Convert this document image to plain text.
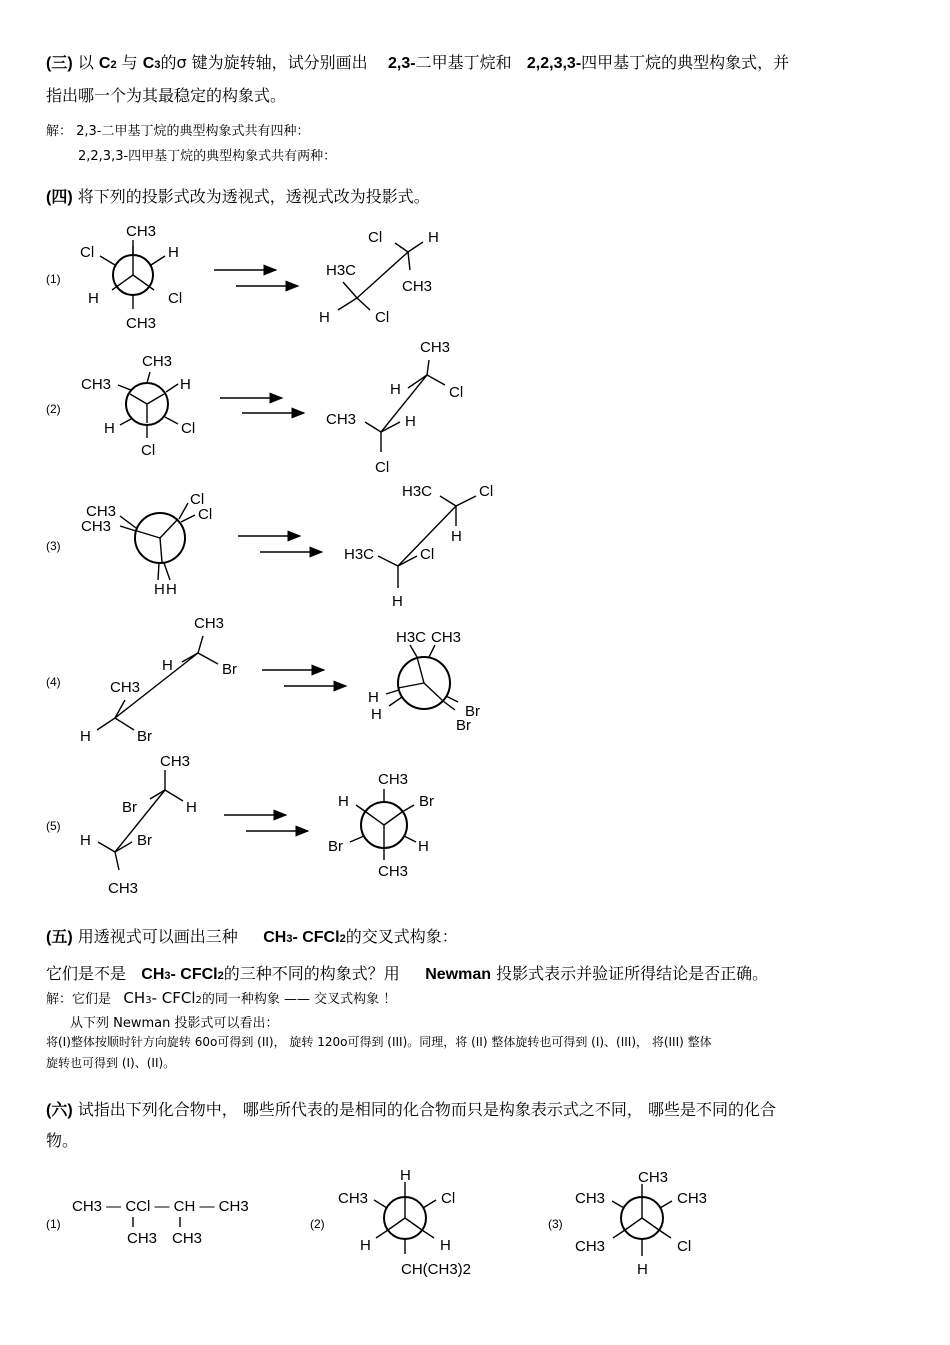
(三) 以 C2 与 C3的σ 键为旋转轴，试分别画出 2,3-二甲基丁烷和 2,2,3,3-四甲基丁烷的典型构象式，并
指出哪一个为其最稳定的构象式。
解： 2,3-二甲基丁烷的典型构象式共有四种：
2,2,3,3-四甲基丁烷的典型构象式共有两种：
(四) 将下列的投影式改为透视式，透视式改为投影式。
(1)
Cl
CH3
H
H	Cl
CH3
Cl	H
H3C
CH3
H	Cl
(2)
CH3
CH3	H
H	Cl
Cl
CH3
H	Cl
CH3	H
Cl
(3)
CH3
CH3
Cl
Cl
H H
H3C	Cl
H
H3C	Cl
H
(4)
CH3
H	Br
CH3
H	Br
H3C CH3
H
H	Br
Br
(5)
CH3
Br	H
H	Br
CH3
CH3
H	Br
Br	H
CH3
(1)
CH3 — CCl — CH — CH3
CH3 CH3
(2)
H
CH3	Cl
H	H
CH(CH3)2
(3)
CH3
CH3	CH3
CH3	Cl
H
(五) 用透视式可以画出三种 CH3- CFCl2的交叉式构象：
它们是不是 CH3- CFCl2的三种不同的构象式？用 Newman 投影式表示并验证所得结论是否正确。
解：它们是 CH3- CFCl2的同一种构象 —— 交叉式构象 ！
从下列 Newman 投影式可以看出：
将(I)整体按顺时针方向旋转 60o可得到 (II)， 旋转 120o可得到 (III)。同理，将 (II) 整体旋转也可得到 (I)、(III)， 将(III) 整体
旋转也可得到 (I)、(II)。
(六) 试指出下列化合物中， 哪些所代表的是相同的化合物而只是构象表示式之不同， 哪些是不同的化合
物。
